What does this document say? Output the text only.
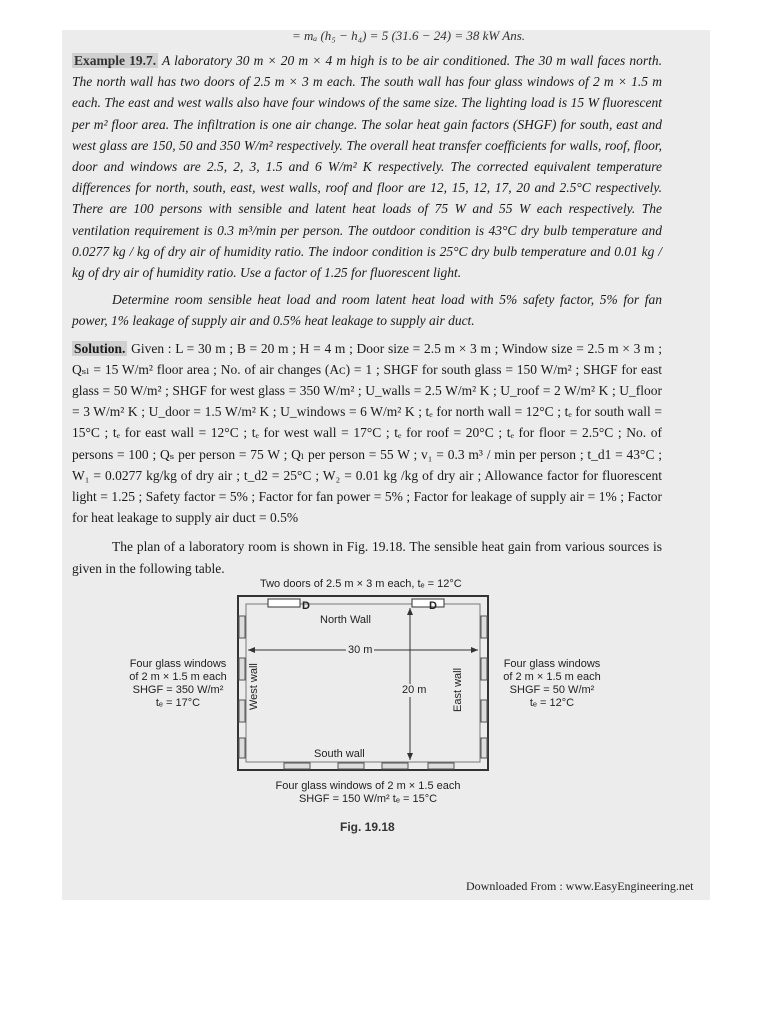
= mₐ (h₅ − h₄) = 5 (31.6 − 24) = 38 kW Ans.

Example 19.7. A laboratory 30 m × 20 m × 4 m high is to be air conditioned. The 30 m wall faces north. The north wall has two doors of 2.5 m × 3 m each. The south wall has four glass windows of 2 m × 1.5 m each. The east and west walls also have four windows of the same size. The lighting load is 15 W fluorescent per m² floor area. The infiltration is one air change. The solar heat gain factors (SHGF) for south, east and west glass are 150, 50 and 350 W/m² respectively. The overall heat transfer coefficients for walls, roof, floor, door and windows are 2.5, 2, 3, 1.5 and 6 W/m² K respectively. The corrected equivalent temperature differences for north, south, east, west walls, roof and floor are 12, 15, 12, 17, 20 and 2.5°C respectively. There are 100 persons with sensible and latent heat loads of 75 W and 55 W each respectively. The ventilation requirement is 0.3 m³/min per person. The outdoor condition is 43°C dry bulb temperature and 0.0277 kg / kg of dry air of humidity ratio. The indoor condition is 25°C dry bulb temperature and 0.01 kg / kg of dry air of humidity ratio. Use a factor of 1.25 for fluorescent light.

Determine room sensible heat load and room latent heat load with 5% safety factor, 5% for fan power, 1% leakage of supply air and 0.5% heat leakage to supply air duct.

Solution. Given : L = 30 m ; B = 20 m ; H = 4 m ; Door size = 2.5 m × 3 m ; Window size = 2.5 m × 3 m ; Qₛₗ = 15 W/m² floor area ; No. of air changes (Aᴄ) = 1 ; SHGF for south glass = 150 W/m² ; SHGF for east glass = 50 W/m² ; SHGF for west glass = 350 W/m² ; U_walls = 2.5 W/m² K ; U_roof = 2 W/m² K ; U_floor = 3 W/m² K ; U_door = 1.5 W/m² K ; U_windows = 6 W/m² K ; tₑ for north wall = 12°C ; tₑ for south wall = 15°C ; tₑ for east wall = 12°C ; tₑ for west wall = 17°C ; tₑ for roof = 20°C ; tₑ for floor = 2.5°C ; No. of persons = 100 ; Qₛ per person = 75 W ; Qₗ per person = 55 W ; v₁ = 0.3 m³ / min per person ; t_d1 = 43°C ; W₁ = 0.0277 kg/kg of dry air ; t_d2 = 25°C ; W₂ = 0.01 kg /kg of dry air ; Allowance factor for fluorescent light = 1.25 ; Safety factor = 5% ; Factor for fan power = 5% ; Factor for leakage of supply air = 1% ; Factor for heat leakage to supply air duct = 0.5%

The plan of a laboratory room is shown in Fig. 19.18. The sensible heat gain from various sources is given in the following table.

Two doors of 2.5 m × 3 m each, tₑ = 12°C
D	D
North Wall
30 m
20 m
South wall
West wall	East wall
Four glass windows
of 2 m × 1.5 m each
SHGF = 350 W/m²
tₑ = 17°C
Four glass windows
of 2 m × 1.5 m each
SHGF = 50 W/m²
tₑ = 12°C
Four glass windows of 2 m × 1.5 each
SHGF = 150 W/m² tₑ = 15°C
Fig. 19.18
Downloaded From : www.EasyEngineering.net
